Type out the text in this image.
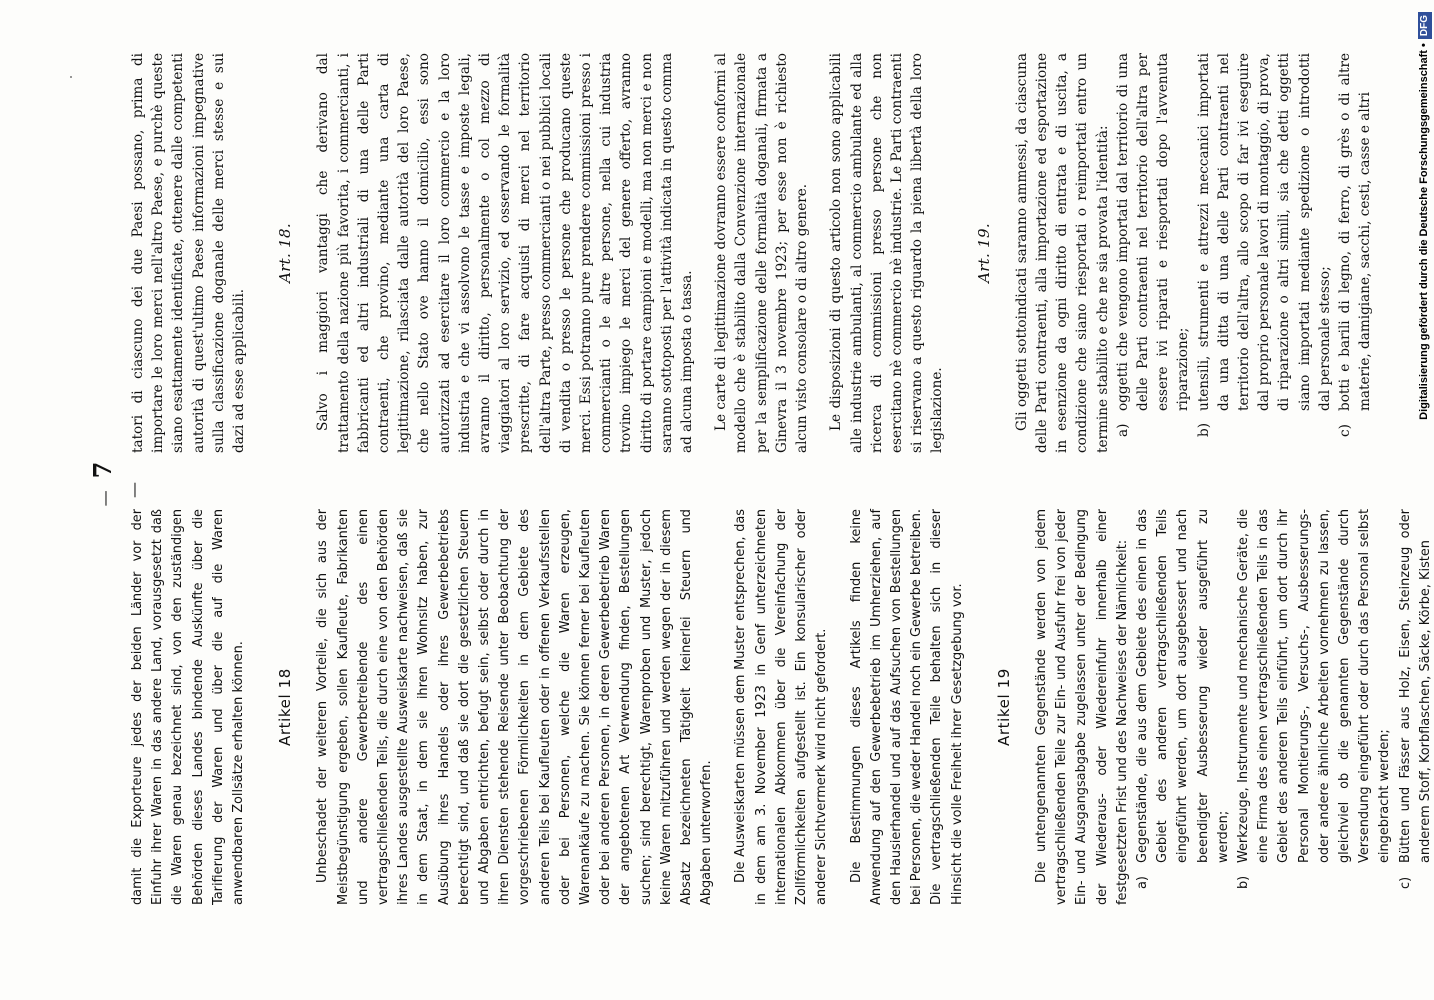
—7—

damit die Exporteure jedes der beiden Länder vor der Einfuhr ihrer Waren in das andere Land, vorausgesetzt daß die Waren genau bezeichnet sind, von den zuständigen Behörden dieses Landes bindende Auskünfte über die Tarifierung der Waren und über die auf die Waren anwendbaren Zollsätze erhalten können. Artikel 18 Unbeschadet der weiteren Vorteile, die sich aus der Meistbegünstigung ergeben, sollen Kaufleute, Fabrikanten und andere Gewerbetreibende des einen vertragschließenden Teils, die durch eine von den Behörden ihres Landes ausgestellte Ausweiskarte nachweisen, daß sie in dem Staat, in dem sie ihren Wohnsitz haben, zur Ausübung ihres Handels oder ihres Gewerbebetriebs berechtigt sind, und daß sie dort die gesetzlichen Steuern und Abgaben entrichten, befugt sein, selbst oder durch in ihren Diensten stehende Reisende unter Beobachtung der vorgeschriebenen Förmlichkeiten in dem Gebiete des anderen Teils bei Kaufleuten oder in offenen Verkaufsstellen oder bei Personen, welche die Waren erzeugen, Warenankäufe zu machen. Sie können ferner bei Kaufleuten oder bei anderen Personen, in deren Gewerbebetrieb Waren der angebotenen Art Verwendung finden, Bestellungen suchen; sind berechtigt, Warenproben und Muster, jedoch keine Waren mitzuführen und werden wegen der in diesem Absatz bezeichneten Tätigkeit keinerlei Steuern und Abgaben unterworfen. Die Ausweiskarten müssen dem Muster entsprechen, das in dem am 3. November 1923 in Genf unterzeichneten internationalen Abkommen über die Vereinfachung der Zollförmlichkeiten aufgestellt ist. Ein konsularischer oder anderer Sichtvermerk wird nicht gefordert. Die Bestimmungen dieses Artikels finden keine Anwendung auf den Gewerbebetrieb im Umherziehen, auf den Hausierhandel und auf das Aufsuchen von Bestellungen bei Personen, die weder Handel noch ein Gewerbe betreiben. Die vertragschließenden Teile behalten sich in dieser Hinsicht die volle Freiheit ihrer Gesetzgebung vor. Artikel 19 Die untengenannten Gegenstände werden von jedem vertragschließenden Teile zur Ein- und Ausfuhr frei von jeder Ein- und Ausgangsabgabe zugelassen unter der Bedingung der Wiederaus- oder Wiedereinfuhr innerhalb einer festgesetzten Frist und des Nachweises der Nämlichkeit: a)Gegenstände, die aus dem Gebiete des einen in das Gebiet des anderen vertragschließenden Teils eingeführt werden, um dort ausgebessert und nach beendigter Ausbesserung wieder ausgeführt zu werden;

b)Werkzeuge, Instrumente und mechanische Geräte, die eine Firma des einen vertragschließenden Teils in das Gebiet des anderen Teils einführt, um dort durch ihr Personal Montierungs-, Versuchs-, Ausbesserungs- oder andere ähnliche Arbeiten vornehmen zu lassen, gleichviel ob die genannten Gegenstände durch Versendung eingeführt oder durch das Personal selbst eingebracht werden;

c)Bütten und Fässer aus Holz, Eisen, Steinzeug oder anderem Stoff, Korbflaschen, Säcke, Körbe, Kisten

tatori di ciascuno dei due Paesi possano, prima di importare le loro merci nell'altro Paese, e purchè queste siano esattamente identificate, ottenere dalle competenti autorità di quest'ultimo Paese informazioni impegnative sulla classificazione doganale delle merci stesse e sui dazi ad esse applicabili.

Art. 18. Salvo i maggiori vantaggi che derivano dal trattamento della nazione più favorita, i commercianti, i fabbricanti ed altri industriali di una delle Parti contraenti, che provino, mediante una carta di legittimazione, rilasciata dalle autorità del loro Paese, che nello Stato ove hanno il domicilio, essi sono autorizzati ad esercitare il loro commercio e la loro industria e che vi assolvono le tasse e imposte legali, avranno il diritto, personalmente o col mezzo di viaggiatori al loro servizio, ed osservando le formalità prescritte, di fare acquisti di merci nel territorio dell'altra Parte, presso commercianti o nei pubblici locali di vendita o presso le persone che producano queste merci. Essi potranno pure prendere commissioni presso i commercianti o le altre persone, nella cui industria trovino impiego le merci del genere offerto, avranno diritto di portare campioni e modelli, ma non merci e non saranno sottoposti per l'attività indicata in questo comma ad alcuna imposta o tassa. Le carte di legittimazione dovranno essere conformi al modello che è stabilito dalla Convenzione internazionale per la semplificazione delle formalità doganali, firmata a Ginevra il 3 novembre 1923; per esse non è richiesto alcun visto consolare o di altro genere. Le disposizioni di questo articolo non sono applicabili alle industrie ambulanti, al commercio ambulante ed alla ricerca di commissioni presso persone che non esercitano nè commercio nè industrie. Le Parti contraenti si riservano a questo riguardo la piena libertà della loro legislazione.

Art. 19. Gli oggetti sottoindicati saranno ammessi, da ciascuna delle Parti contraenti, alla importazione ed esportazione in esenzione da ogni diritto di entrata e di uscita, a condizione che siano riesportati o reimportati entro un termine stabilito e che ne sia provata l'identità: a)oggetti che vengono importati dal territorio di una delle Parti contraenti nel territorio dell'altra per essere ivi riparati e riesportati dopo l'avvenuta riparazione;

b)utensili, strumenti e attrezzi meccanici importati da una ditta di una delle Parti contraenti nel territorio dell'altra, allo scopo di far ivi eseguire dal proprio personale lavori di montaggio, di prova, di riparazione o altri simili, sia che detti oggetti siano importati mediante spedizione o introdotti dal personale stesso;

c)botti e barili di legno, di ferro, di grès o di altre materie, damigiane, sacchi, cesti, casse e altri	Digitalisierung gefördert durch die Deutsche Forschungsgemeinschaft •DFG
